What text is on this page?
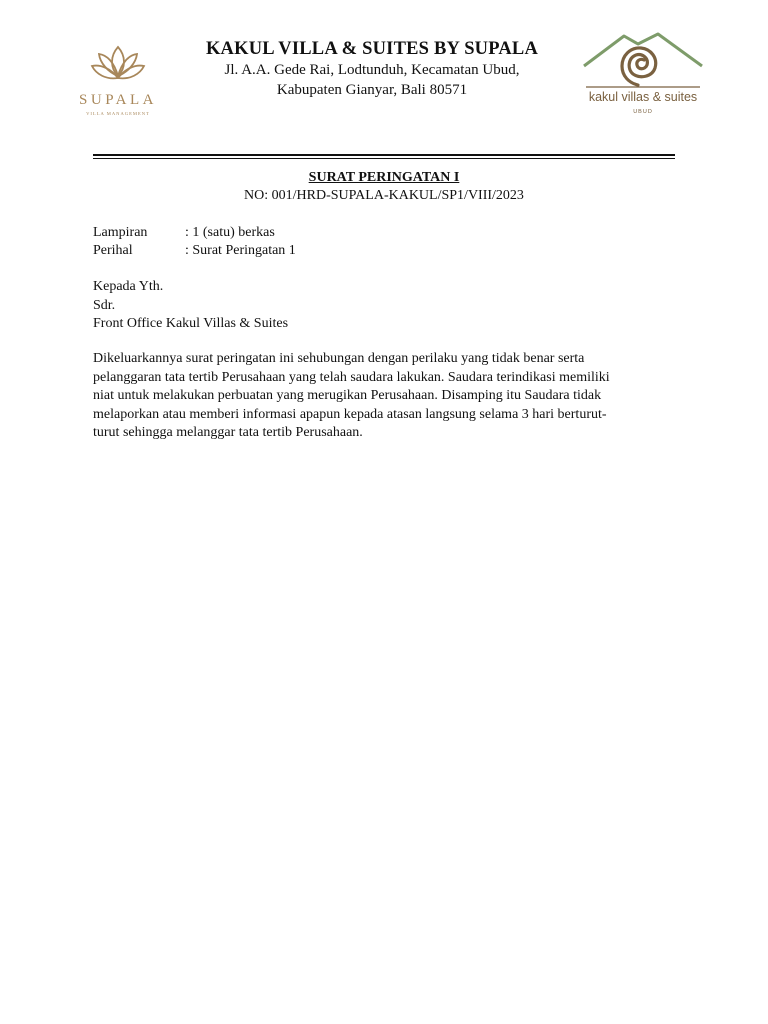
SUPALA
VILLA MANAGEMENT
KAKUL VILLA & SUITES BY SUPALA
Jl. A.A. Gede Rai, Lodtunduh, Kecamatan Ubud,
Kabupaten Gianyar, Bali 80571	kakul villas & suites
UBUD
SURAT PERINGATAN I
NO: 001/HRD-SUPALA-KAKUL/SP1/VIII/2023
Lampiran	: 1 (satu) berkas
Perihal	: Surat Peringatan 1
Kepada Yth.
Sdr.
Front Office Kakul Villas & Suites

Dikeluarkannya surat peringatan ini sehubungan dengan perilaku yang tidak benar serta

pelanggaran tata tertib Perusahaan yang telah saudara lakukan. Saudara terindikasi memiliki

niat untuk melakukan perbuatan yang merugikan Perusahaan. Disamping itu Saudara tidak

melaporkan atau memberi informasi apapun kepada atasan langsung selama 3 hari berturut-

turut sehingga melanggar tata tertib Perusahaan.
